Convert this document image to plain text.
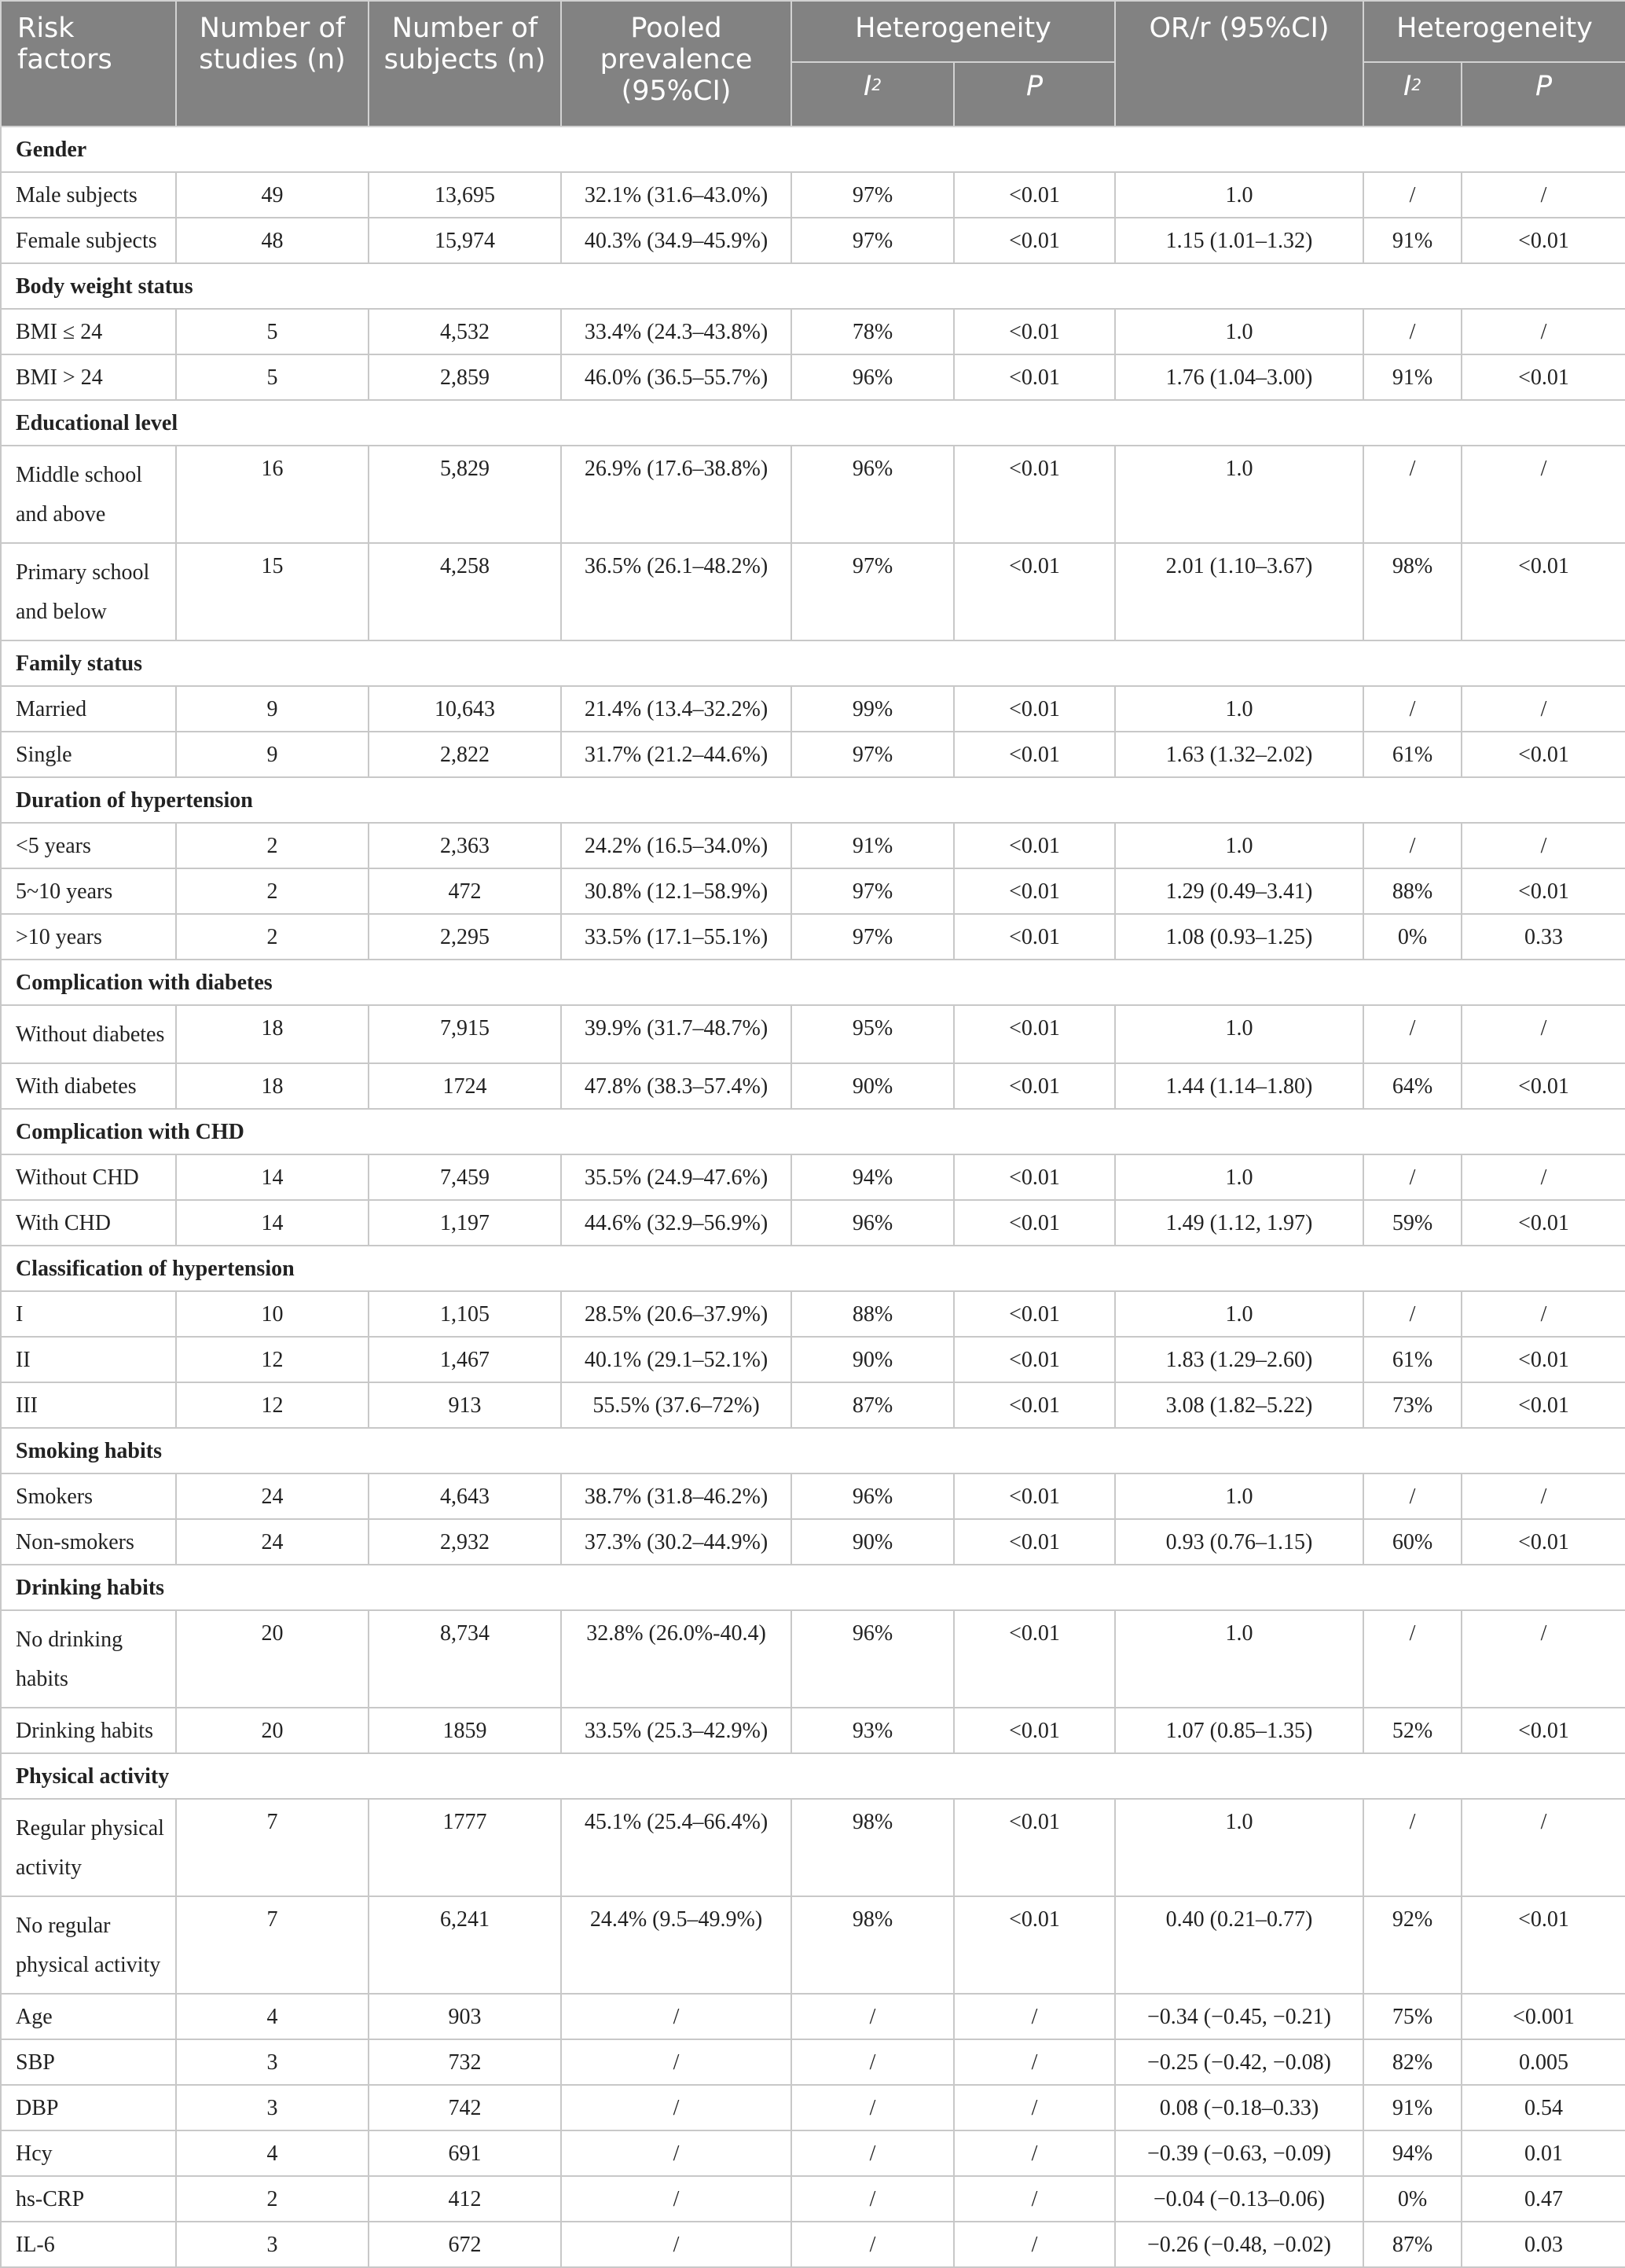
Risk factors	Number of studies (n)	Number of subjects (n)	Pooled prevalence (95%CI)	Heterogeneity		OR/r (95%CI)	Heterogeneity	
				$I^2$	P		$I^2$	P
Gender								
Male subjects	49	13,695	32.1% (31.6–43.0%)	97%	<0.01	1.0	/	/
Female subjects	48	15,974	40.3% (34.9–45.9%)	97%	<0.01	1.15 (1.01–1.32)	91%	<0.01
Body weight status								
BMI ≤ 24	5	4,532	33.4% (24.3–43.8%)	78%	<0.01	1.0	/	/
BMI > 24	5	2,859	46.0% (36.5–55.7%)	96%	<0.01	1.76 (1.04–3.00)	91%	<0.01
Educational level								
Middle school and above	16	5,829	26.9% (17.6–38.8%)	96%	<0.01	1.0	/	/
Primary school and below	15	4,258	36.5% (26.1–48.2%)	97%	<0.01	2.01 (1.10–3.67)	98%	<0.01
Family status								
Married	9	10,643	21.4% (13.4–32.2%)	99%	<0.01	1.0	/	/
Single	9	2,822	31.7% (21.2–44.6%)	97%	<0.01	1.63 (1.32–2.02)	61%	<0.01
Duration of hypertension								
<5 years	2	2,363	24.2% (16.5–34.0%)	91%	<0.01	1.0	/	/
5~10 years	2	472	30.8% (12.1–58.9%)	97%	<0.01	1.29 (0.49–3.41)	88%	<0.01
>10 years	2	2,295	33.5% (17.1–55.1%)	97%	<0.01	1.08 (0.93–1.25)	0%	0.33
Complication with diabetes								
Without diabetes	18	7,915	39.9% (31.7–48.7%)	95%	<0.01	1.0	/	/
With diabetes	18	1724	47.8% (38.3–57.4%)	90%	<0.01	1.44 (1.14–1.80)	64%	<0.01
Complication with CHD								
Without CHD	14	7,459	35.5% (24.9–47.6%)	94%	<0.01	1.0	/	/
With CHD	14	1,197	44.6% (32.9–56.9%)	96%	<0.01	1.49 (1.12, 1.97)	59%	<0.01
Classification of hypertension								
I	10	1,105	28.5% (20.6–37.9%)	88%	<0.01	1.0	/	/
II	12	1,467	40.1% (29.1–52.1%)	90%	<0.01	1.83 (1.29–2.60)	61%	<0.01
III	12	913	55.5% (37.6–72%)	87%	<0.01	3.08 (1.82–5.22)	73%	<0.01
Smoking habits								
Smokers	24	4,643	38.7% (31.8–46.2%)	96%	<0.01	1.0	/	/
Non-smokers	24	2,932	37.3% (30.2–44.9%)	90%	<0.01	0.93 (0.76–1.15)	60%	<0.01
Drinking habits								
No drinking habits	20	8,734	32.8% (26.0%-40.4)	96%	<0.01	1.0	/	/
Drinking habits	20	1859	33.5% (25.3–42.9%)	93%	<0.01	1.07 (0.85–1.35)	52%	<0.01
Physical activity								
Regular physical activity	7	1777	45.1% (25.4–66.4%)	98%	<0.01	1.0	/	/
No regular physical activity	7	6,241	24.4% (9.5–49.9%)	98%	<0.01	0.40 (0.21–0.77)	92%	<0.01
Age	4	903	/	/	/	−0.34 (−0.45, −0.21)	75%	<0.001
SBP	3	732	/	/	/	−0.25 (−0.42, −0.08)	82%	0.005
DBP	3	742	/	/	/	0.08 (−0.18–0.33)	91%	0.54
Hcy	4	691	/	/	/	−0.39 (−0.63, −0.09)	94%	0.01
hs-CRP	2	412	/	/	/	−0.04 (−0.13–0.06)	0%	0.47
IL-6	3	672	/	/	/	−0.26 (−0.48, −0.02)	87%	0.03
